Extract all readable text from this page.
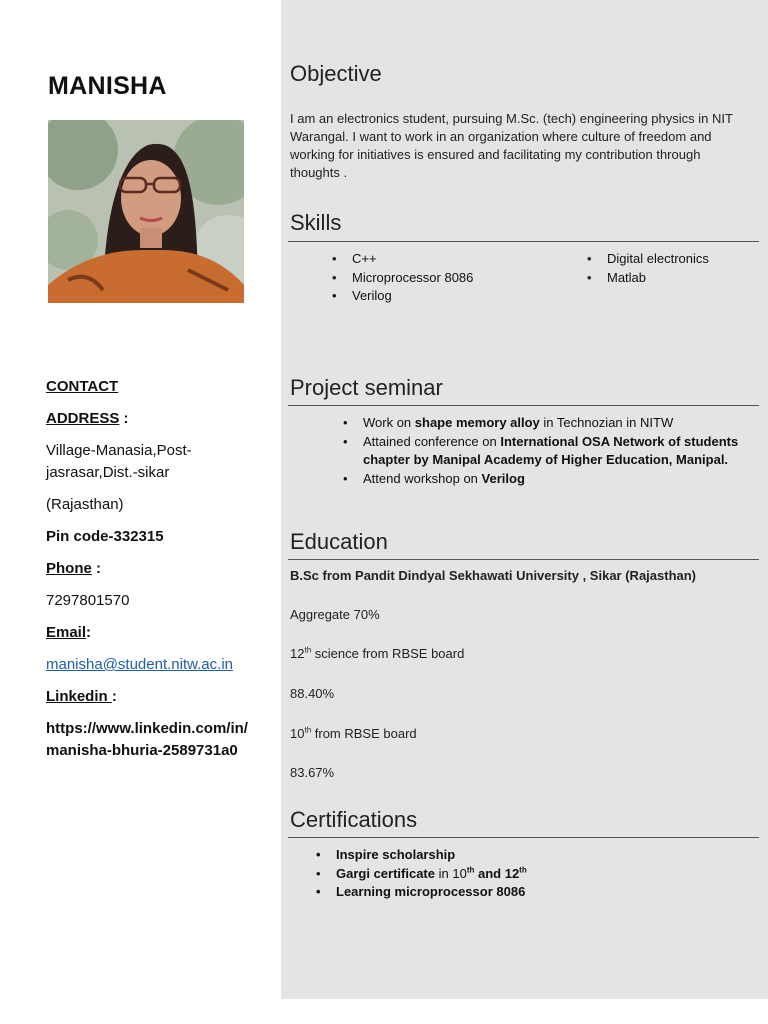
MANISHA
CONTACT
ADDRESS :
Village-Manasia,Post-jasrasar,Dist.-sikar
(Rajasthan)
Pin code-332315
Phone :
7297801570
Email:
manisha@student.nitw.ac.in
Linkedin :
https://www.linkedin.com/in/ manisha-bhuria-2589731a0
Objective
I am an electronics student, pursuing M.Sc. (tech) engineering physics in NIT Warangal. I want to work in an organization where culture of freedom and working for initiatives is ensured and facilitating my contribution through thoughts .
Skills
• C++
• Microprocessor 8086
• Verilog
• Digital electronics
• Matlab
Project seminar
• Work on shape memory alloy in Technozian in NITW
• Attained conference on International OSA Network of students chapter by Manipal Academy of Higher Education, Manipal.
• Attend workshop on Verilog
Education
B.Sc from Pandit Dindyal Sekhawati University , Sikar (Rajasthan)
Aggregate 70%
12th science from RBSE board
88.40%
10th from RBSE board
83.67%
Certifications
• Inspire scholarship
• Gargi certificate in 10th and 12th
• Learning microprocessor 8086
